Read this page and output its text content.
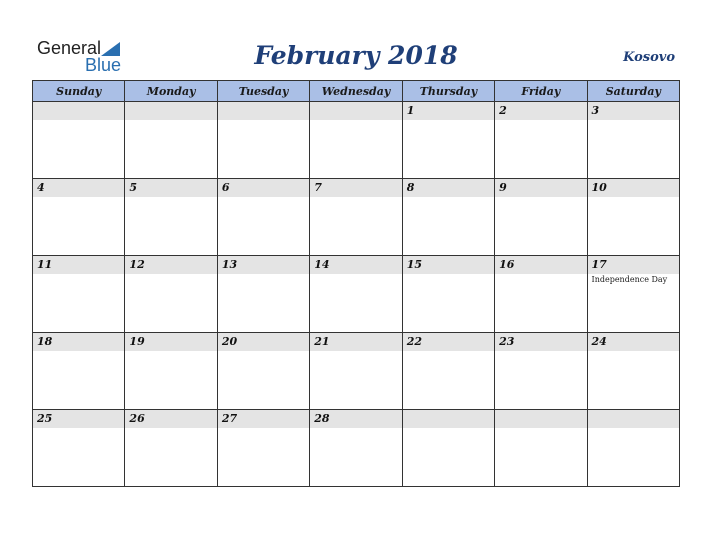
General
Blue	February 2018	Kosovo
Sunday	Monday	Tuesday	Wednesday	Thursday	Friday	Saturday

				1	2	3

4	5	6	7	8	9	10

11	12	13	14	15	16	17
Independence Day

18	19	20	21	22	23	24

25	26	27	28			
